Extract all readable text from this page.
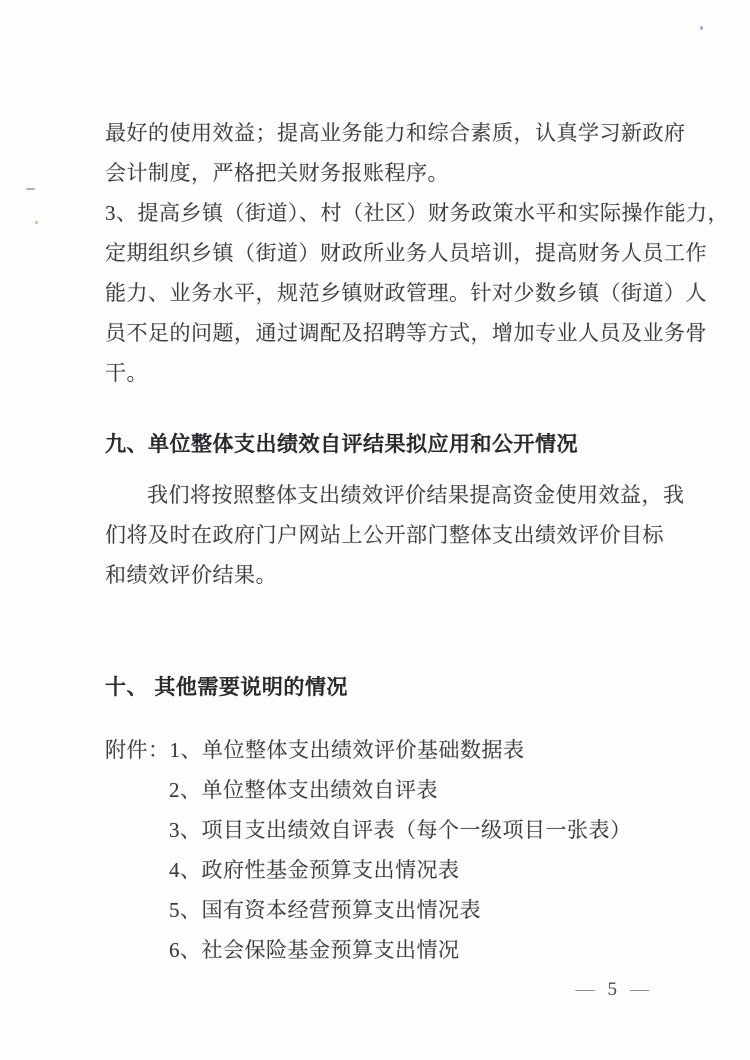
最好的使用效益；提高业务能力和综合素质，认真学习新政府
会计制度，严格把关财务报账程序。
3、提高乡镇（街道）、村（社区）财务政策水平和实际操作能力，
定期组织乡镇（街道）财政所业务人员培训，提高财务人员工作
能力、业务水平，规范乡镇财政管理。针对少数乡镇（街道）人
员不足的问题，通过调配及招聘等方式，增加专业人员及业务骨
干。
九、单位整体支出绩效自评结果拟应用和公开情况
我们将按照整体支出绩效评价结果提高资金使用效益，我
们将及时在政府门户网站上公开部门整体支出绩效评价目标
和绩效评价结果。
十、 其他需要说明的情况
附件：1、单位整体支出绩效评价基础数据表
2、单位整体支出绩效自评表
3、项目支出绩效自评表（每个一级项目一张表）
4、政府性基金预算支出情况表
5、国有资本经营预算支出情况表
6、社会保险基金预算支出情况
— 5 —
